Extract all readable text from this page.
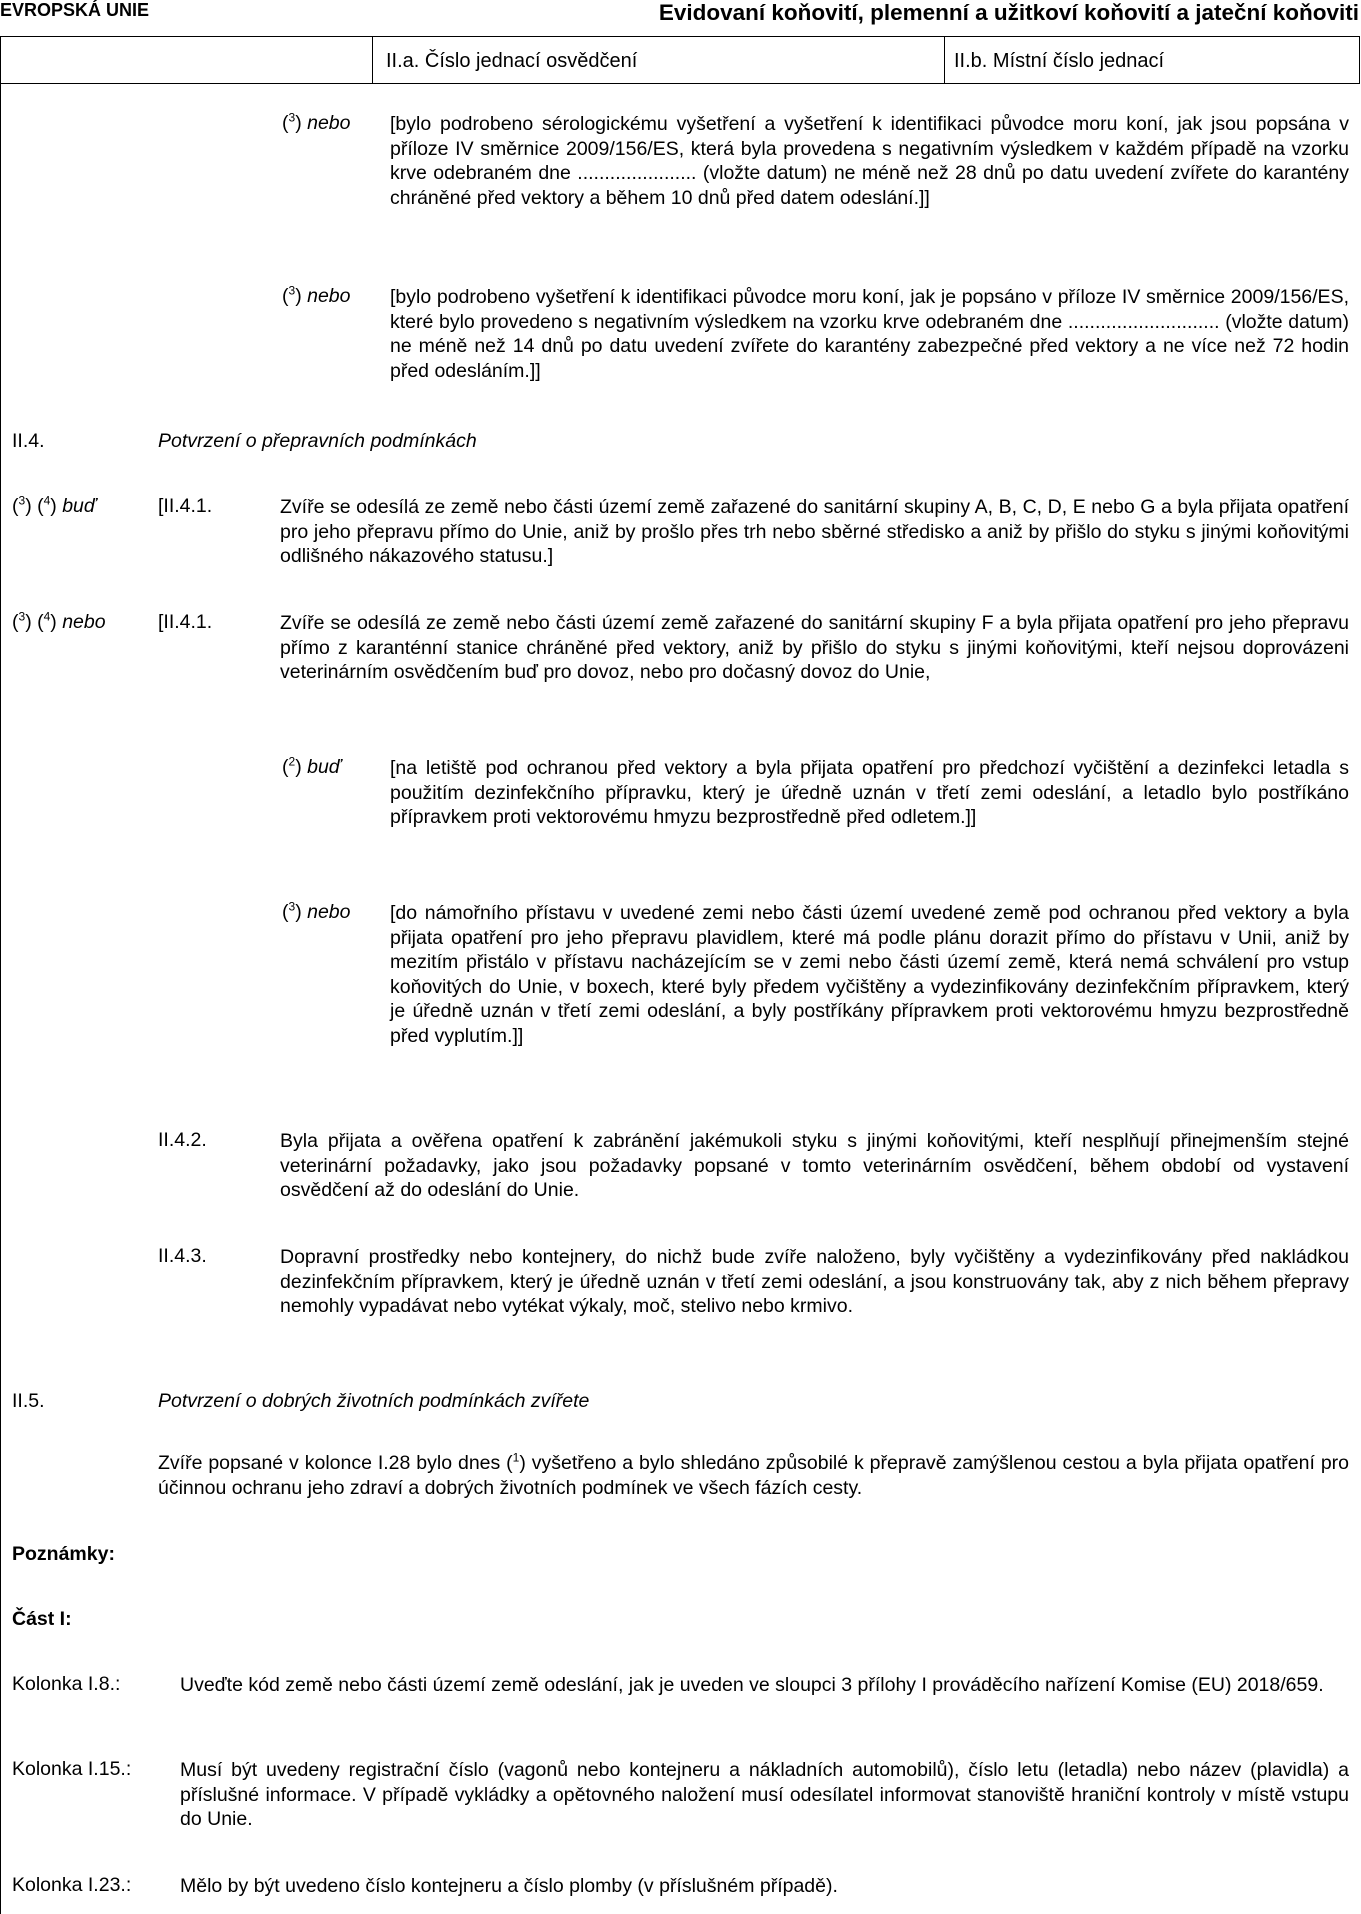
EVROPSKÁ UNIE	Evidovaní koňovití, plemenní a užitkoví koňovití a jateční koňoviti
II.a. Číslo jednací osvědčení	II.b. Místní číslo jednací
($^3$) nebo [bylo podrobeno sérologickému vyšetření a vyšetření k identifikaci původce moru koní, jak jsou popsána v příloze IV směrnice 2009/156/ES, která byla provedena s negativním výsledkem v každém případě na vzorku krve odebraném dne ...................... (vložte datum) ne méně než 28 dnů po datu uvedení zvířete do karantény chráněné před vektory a během 10 dnů před datem odeslání.]]
($^3$) nebo [bylo podrobeno vyšetření k identifikaci původce moru koní, jak je popsáno v příloze IV směrnice 2009/156/ES, které bylo provedeno s negativním výsledkem na vzorku krve odebraném dne ............................ (vložte datum) ne méně než 14 dnů po datu uvedení zvířete do karantény zabezpečné před vektory a ne více než 72 hodin před odesláním.]]
II.4.	Potvrzení o přepravních podmínkách
($^3$) ($^4$) buď	[II.4.1.	Zvíře se odesílá ze země nebo části území země zařazené do sanitární skupiny A, B, C, D, E nebo G a byla přijata opatření pro jeho přepravu přímo do Unie, aniž by prošlo přes trh nebo sběrné středisko a aniž by přišlo do styku s jinými koňovitými odlišného nákazového statusu.]
($^3$) ($^4$) nebo	[II.4.1.	Zvíře se odesílá ze země nebo části území země zařazené do sanitární skupiny F a byla přijata opatření pro jeho přepravu přímo z karanténní stanice chráněné před vektory, aniž by přišlo do styku s jinými koňovitými, kteří nejsou doprovázeni veterinárním osvědčením buď pro dovoz, nebo pro dočasný dovoz do Unie,
($^2$) buď	[na letiště pod ochranou před vektory a byla přijata opatření pro předchozí vyčištění a dezinfekci letadla s použitím dezinfekčního přípravku, který je úředně uznán v třetí zemi odeslání, a letadlo bylo postříkáno přípravkem proti vektorovému hmyzu bezprostředně před odletem.]]
($^3$) nebo [do námořního přístavu v uvedené zemi nebo části území uvedené země pod ochranou před vektory a byla přijata opatření pro jeho přepravu plavidlem, které má podle plánu dorazit přímo do přístavu v Unii, aniž by mezitím přistálo v přístavu nacházejícím se v zemi nebo části území země, která nemá schválení pro vstup koňovitých do Unie, v boxech, které byly předem vyčištěny a vydezinfikovány dezinfekčním přípravkem, který je úředně uznán v třetí zemi odeslání, a byly postříkány přípravkem proti vektorovému hmyzu bezprostředně před vyplutím.]]
II.4.2.	Byla přijata a ověřena opatření k zabránění jakémukoli styku s jinými koňovitými, kteří nesplňují přinejmenším stejné veterinární požadavky, jako jsou požadavky popsané v tomto veterinárním osvědčení, během období od vystavení osvědčení až do odeslání do Unie.
II.4.3.	Dopravní prostředky nebo kontejnery, do nichž bude zvíře naloženo, byly vyčištěny a vydezinfikovány před nakládkou dezinfekčním přípravkem, který je úředně uznán v třetí zemi odeslání, a jsou konstruovány tak, aby z nich během přepravy nemohly vypadávat nebo vytékat výkaly, moč, stelivo nebo krmivo.
II.5.	Potvrzení o dobrých životních podmínkách zvířete
Zvíře popsané v kolonce I.28 bylo dnes ($^1$) vyšetřeno a bylo shledáno způsobilé k přepravě zamýšlenou cestou a byla přijata opatření pro účinnou ochranu jeho zdraví a dobrých životních podmínek ve všech fázích cesty.
Poznámky:
Část I:
Kolonka I.8.:	Uveďte kód země nebo části území země odeslání, jak je uveden ve sloupci 3 přílohy I prováděcího nařízení Komise (EU) 2018/659.
Kolonka I.15.:	Musí být uvedeny registrační číslo (vagonů nebo kontejneru a nákladních automobilů), číslo letu (letadla) nebo název (plavidla) a příslušné informace. V případě vykládky a opětovného naložení musí odesílatel informovat stanoviště hraniční kontroly v místě vstupu do Unie.
Kolonka I.23.:	Mělo by být uvedeno číslo kontejneru a číslo plomby (v příslušném případě).
